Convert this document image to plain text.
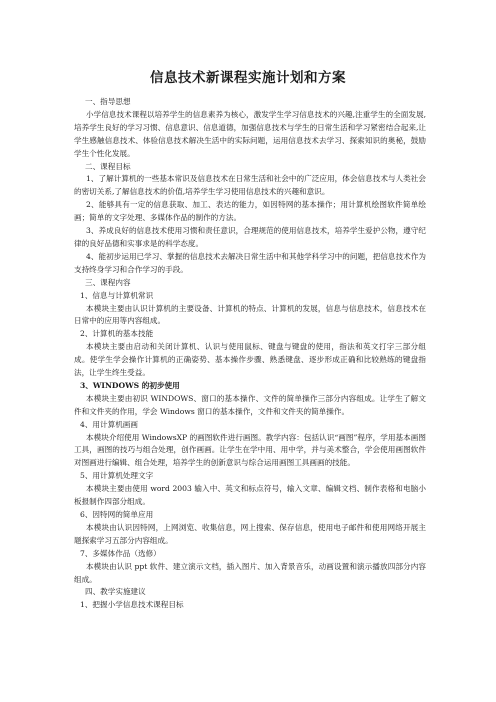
信息技术新课程实施计划和方案

一、指导思想

小学信息技术课程以培养学生的信息素养为核心，激发学生学习信息技术的兴趣,注重学生的全面发展,培养学生良好的学习习惯、信息意识、信息道德，加强信息技术与学生的日常生活和学习紧密结合起来,让学生感触信息技术、体验信息技术解决生活中的实际问题，运用信息技术去学习、探索知识的奥秘，鼓励学生个性化发展。

二、课程目标

1、了解计算机的一些基本常识及信息技术在日常生活和社会中的广泛应用，体会信息技术与人类社会的密切关系,了解信息技术的价值,培养学生学习使用信息技术的兴趣和意识。

2、能够具有一定的信息获取、加工、表达的能力，如因特网的基本操作；用计算机绘图软件简单绘画；简单的文字处理、多媒体作品的制作的方法。

3、养成良好的信息技术使用习惯和责任意识，合理规范的使用信息技术，培养学生爱护公物，遵守纪律的良好品德和实事求是的科学态度。

4、能初步运用已学习、掌握的信息技术去解决日常生活中和其他学科学习中的问题，把信息技术作为支持终身学习和合作学习的手段。

三、课程内容

1、信息与计算机常识

本模块主要由认识计算机的主要设备、计算机的特点、计算机的发展，信息与信息技术，信息技术在日常中的应用等内容组成。

2、计算机的基本技能

本模块主要由启动和关闭计算机、认识与使用鼠标、键盘与键盘的使用，指法和英文打字三部分组成。使学生学会操作计算机的正确姿势、基本操作步骤、熟悉键盘、逐步形成正确和比较熟练的键盘指法，让学生终生受益。

3、WINDOWS 的初步使用

本模块主要由初识 WINDOWS、窗口的基本操作、文件的简单操作三部分内容组成。让学生了解文件和文件夹的作用，学会 Windows 窗口的基本操作，文件和文件夹的简单操作。

4、用计算机画画

本模块介绍使用 WindowsXP 的画图软件进行画图。教学内容：包括认识“画图”程序，学用基本画图工具，画图的技巧与组合处理，创作画画。让学生在学中用、用中学，并与美术整合，学会使用画图软件对图画进行编辑、组合处理，培养学生的创新意识与综合运用画图工具画画的技能。

5、用计算机处理文字

本模块主要由使用 word 2003 输入中、英文和标点符号，输入文章、编辑文档、制作表格和电脑小板报制作四部分组成。

6、因特网的简单应用

本模块由认识因特网，上网浏览、收集信息，网上搜索、保存信息，使用电子邮件和使用网络开展主题探索学习五部分内容组成。

7、多媒体作品（选修）

本模块由认识 ppt 软件、建立演示文档，插入图片、加入背景音乐，动画设置和演示播放四部分内容组成。

四、教学实施建议

1、把握小学信息技术课程目标
